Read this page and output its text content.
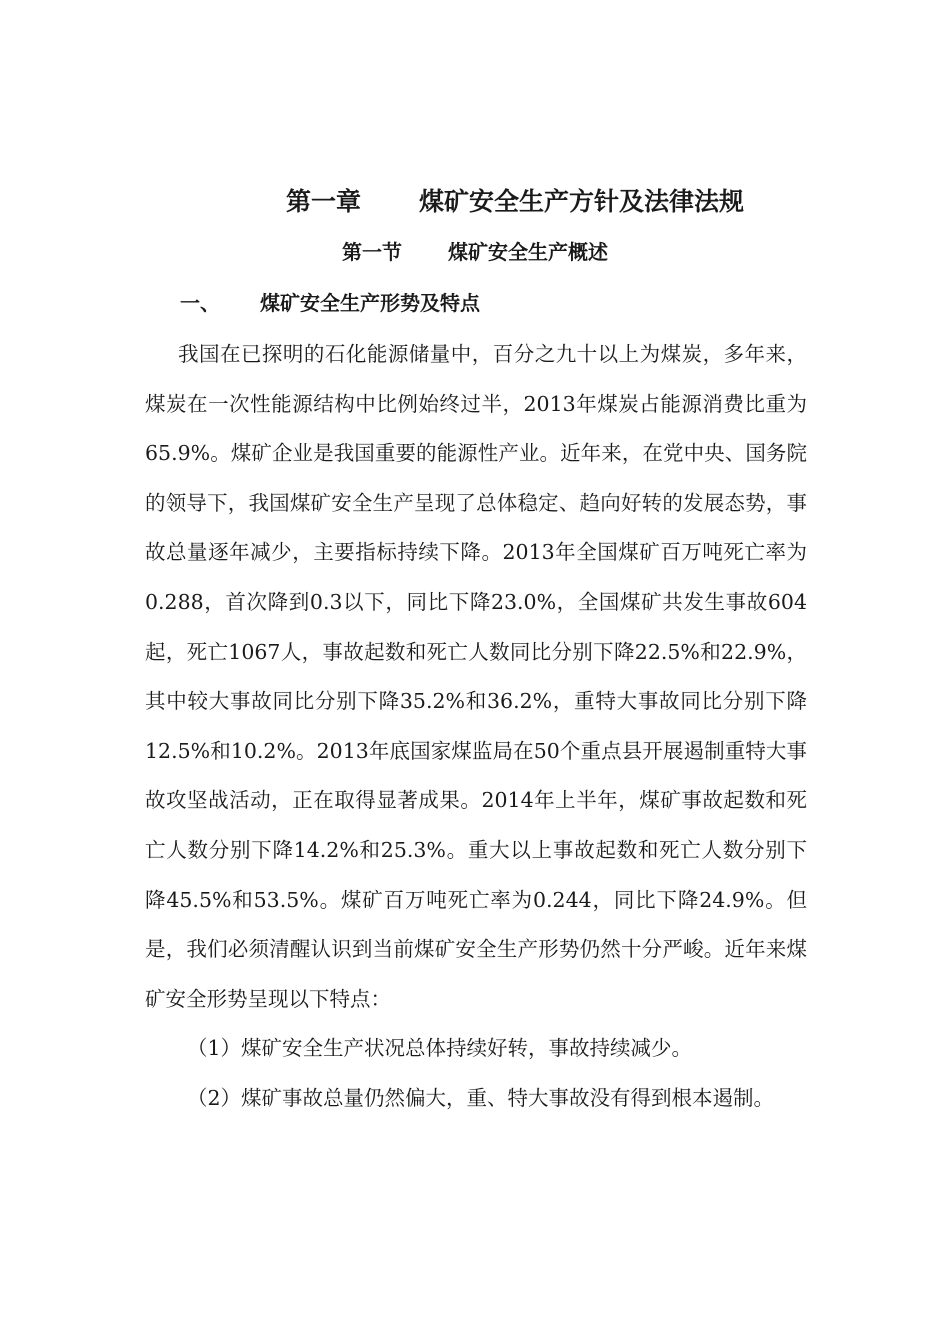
第一章 煤矿安全生产方针及法律法规
第一节 煤矿安全生产概述
一、 煤矿安全生产形势及特点

我国在已探明的石化能源储量中，百分之九十以上为煤炭，多年来，煤炭在一次性能源结构中比例始终过半，2013年煤炭占能源消费比重为65.9%。煤矿企业是我国重要的能源性产业。近年来，在党中央、国务院的领导下，我国煤矿安全生产呈现了总体稳定、趋向好转的发展态势，事故总量逐年减少，主要指标持续下降。2013年全国煤矿百万吨死亡率为0.288，首次降到0.3以下，同比下降23.0%，全国煤矿共发生事故604起，死亡1067人，事故起数和死亡人数同比分别下降22.5%和22.9%，其中较大事故同比分别下降35.2%和36.2%，重特大事故同比分别下降12.5%和10.2%。2013年底国家煤监局在50个重点县开展遏制重特大事故攻坚战活动，正在取得显著成果。2014年上半年，煤矿事故起数和死亡人数分别下降14.2%和25.3%。重大以上事故起数和死亡人数分别下降45.5%和53.5%。煤矿百万吨死亡率为0.244，同比下降24.9%。但是，我们必须清醒认识到当前煤矿安全生产形势仍然十分严峻。近年来煤矿安全形势呈现以下特点：

（1）煤矿安全生产状况总体持续好转，事故持续减少。

（2）煤矿事故总量仍然偏大，重、特大事故没有得到根本遏制。
